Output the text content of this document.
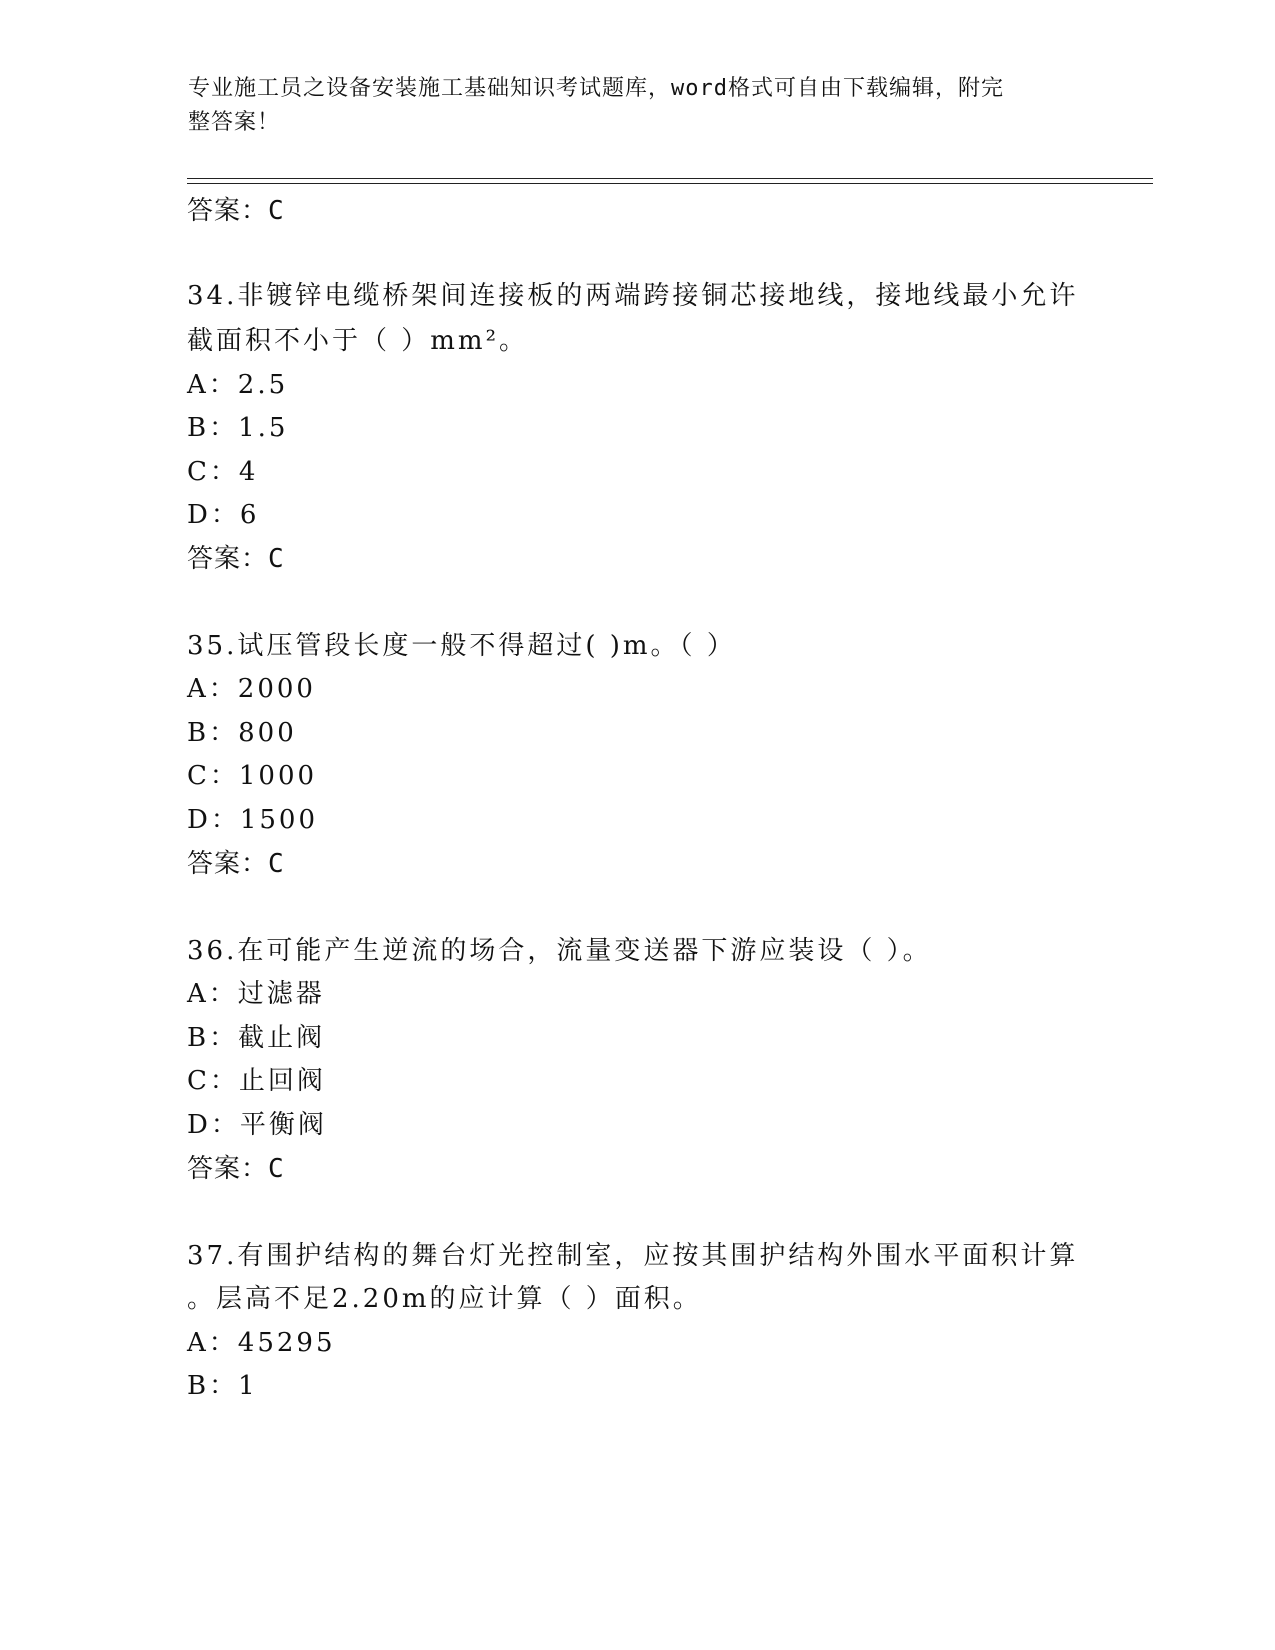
专业施工员之设备安装施工基础知识考试题库，word格式可自由下载编辑，附完
整答案！
答案：C
34.非镀锌电缆桥架间连接板的两端跨接铜芯接地线，接地线最小允许
截面积不小于（ ）mm²。
A：2.5
B：1.5
C：4
D：6
答案：C
35.试压管段长度一般不得超过( )m。（ ）
A：2000
B：800
C：1000
D：1500
答案：C
36.在可能产生逆流的场合，流量变送器下游应装设（ ）。
A：过滤器
B：截止阀
C：止回阀
D：平衡阀
答案：C
37.有围护结构的舞台灯光控制室，应按其围护结构外围水平面积计算
。层高不足2.20m的应计算（ ）面积。
A：45295
B：1
